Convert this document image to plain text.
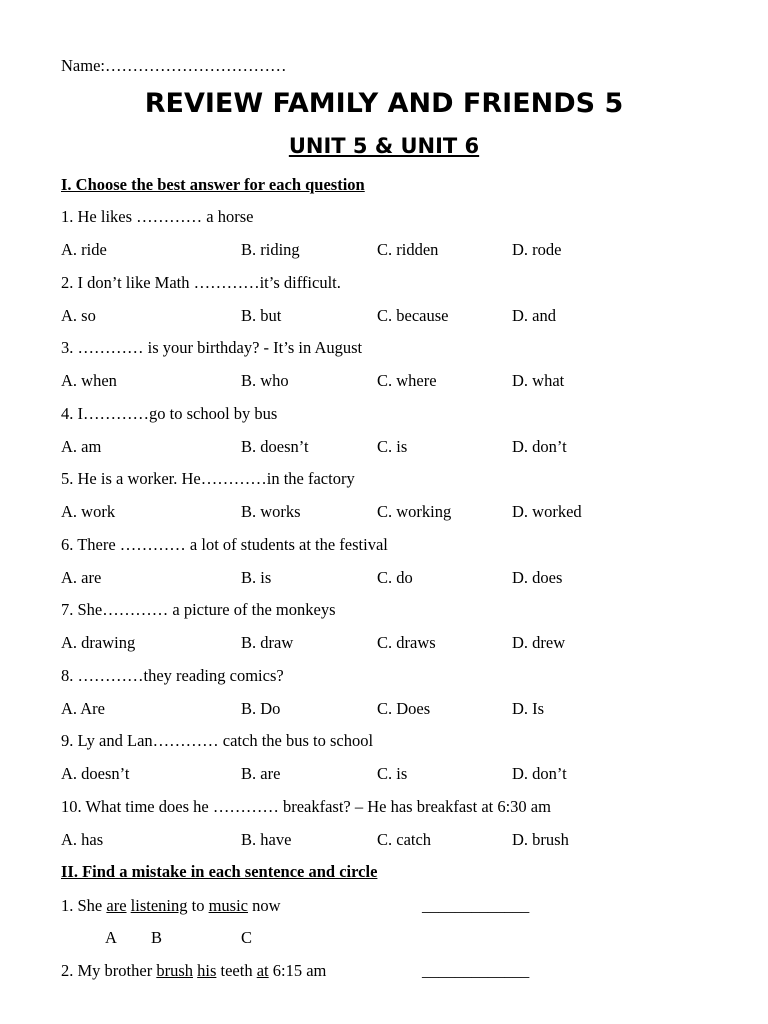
Name:……………………………
REVIEW FAMILY AND FRIENDS 5
UNIT 5 & UNIT 6
I. Choose the best answer for each question
1. He likes ………… a horse
A. ride	B. riding	C. ridden	D. rode
2. I don’t like Math …………it’s difficult.
A. so	B. but	C. because	D. and
3. ………… is your birthday? - It’s in August
A. when	B. who	C. where	D. what
4. I…………go to school by bus
A. am	B. doesn’t	C. is	D. don’t
5. He is a worker. He…………in the factory
A. work	B. works	C. working	D. worked
6. There ………… a lot of students at the festival
A. are	B. is	C. do	D. does
7. She………… a picture of the monkeys
A. drawing	B. draw	C. draws	D. drew
8. …………they reading comics?
A. Are	B. Do	C. Does	D. Is
9. Ly and Lan………… catch the bus to school
A. doesn’t	B. are	C. is	D. don’t
10. What time does he ………… breakfast? – He has breakfast at 6:30 am
A. has	B. have	C. catch	D. brush
II. Find a mistake in each sentence and circle
1. She are listening to music now	_____________
A B	C
2. My brother brush his teeth at 6:15 am	_____________
